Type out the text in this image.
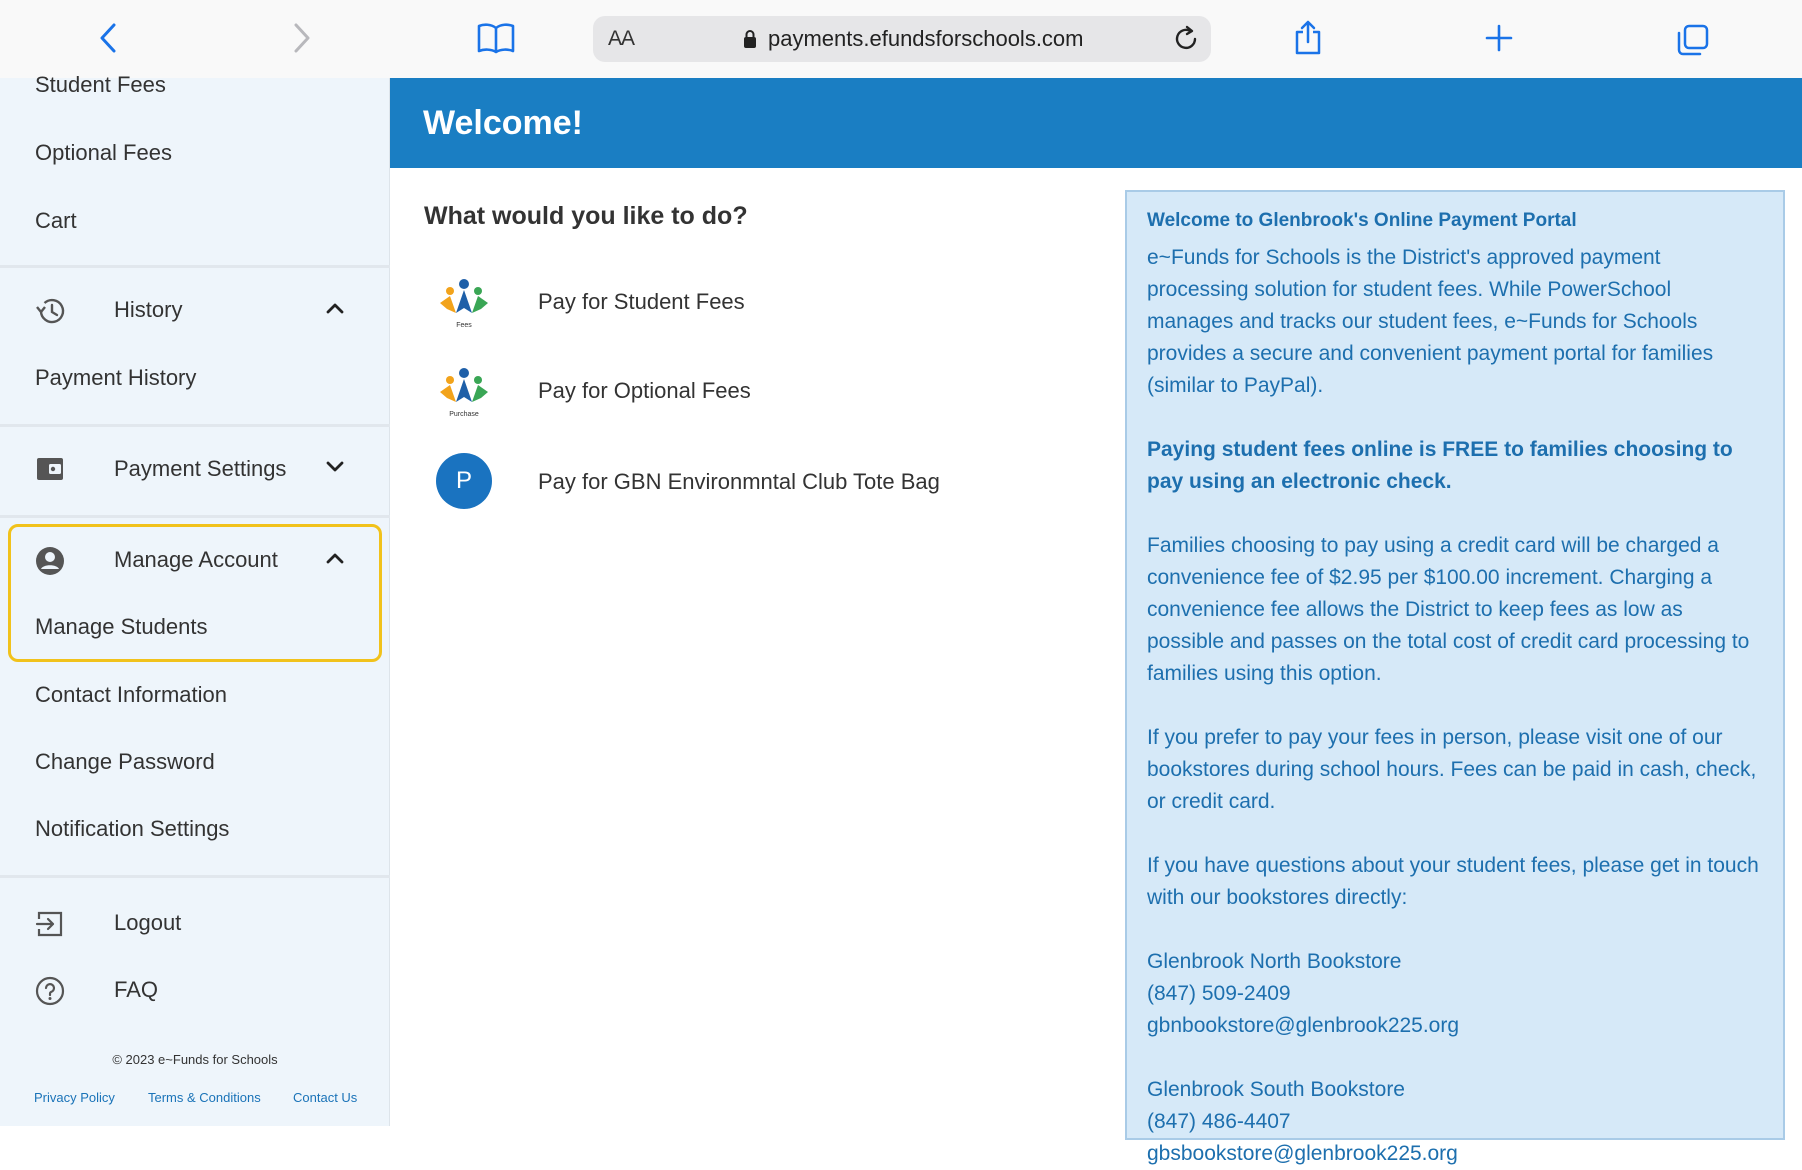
AA	payments.efundsforschools.com
Student Fees
Optional Fees
Cart
History
Payment History
Payment Settings
Manage Account
Manage Students
Contact Information
Change Password
Notification Settings
Logout
FAQ
© 2023 e~Funds for Schools
Privacy Policy	Terms & Conditions Contact Us
Welcome!
What would you like to do?
Fees
Pay for Student Fees
Purchase
Pay for Optional Fees
P	Pay for GBN Environmntal Club Tote Bag
Welcome to Glenbrook's Online Payment Portal

e~Funds for Schools is the District's approved payment processing solution for student fees. While PowerSchool manages and tracks our student fees, e~Funds for Schools provides a secure and convenient payment portal for families (similar to PayPal).

Paying student fees online is FREE to families choosing to pay using an electronic check.

Families choosing to pay using a credit card will be charged a convenience fee of $2.95 per $100.00 increment. Charging a convenience fee allows the District to keep fees as low as possible and passes on the total cost of credit card processing to families using this option.

If you prefer to pay your fees in person, please visit one of our bookstores during school hours. Fees can be paid in cash, check, or credit card.

If you have questions about your student fees, please get in touch with our bookstores directly:

Glenbrook North Bookstore
(847) 509-2409
gbnbookstore@glenbrook225.org
Glenbrook South Bookstore
(847) 486-4407
gbsbookstore@glenbrook225.org
